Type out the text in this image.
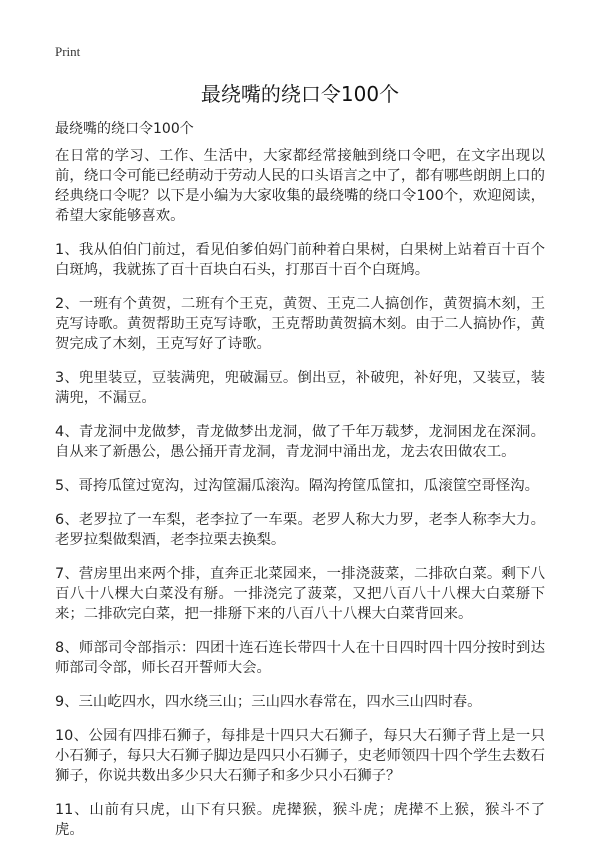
Print
最绕嘴的绕口令100个
最绕嘴的绕口令100个

在日常的学习、工作、生活中，大家都经常接触到绕口令吧，在文字出现以前，绕口令可能已经萌动于劳动人民的口头语言之中了，都有哪些朗朗上口的经典绕口令呢？以下是小编为大家收集的最绕嘴的绕口令100个，欢迎阅读，希望大家能够喜欢。

1、我从伯伯门前过，看见伯爹伯妈门前种着白果树，白果树上站着百十百个白斑鸠，我就拣了百十百块白石头，打那百十百个白斑鸠。

2、一班有个黄贺，二班有个王克，黄贺、王克二人搞创作，黄贺搞木刻，王克写诗歌。黄贺帮助王克写诗歌，王克帮助黄贺搞木刻。由于二人搞协作，黄贺完成了木刻，王克写好了诗歌。

3、兜里装豆，豆装满兜，兜破漏豆。倒出豆，补破兜，补好兜，又装豆，装满兜，不漏豆。

4、青龙洞中龙做梦，青龙做梦出龙洞，做了千年万载梦，龙洞困龙在深洞。自从来了新愚公，愚公捅开青龙洞，青龙洞中涌出龙，龙去农田做农工。

5、哥挎瓜筐过宽沟，过沟筐漏瓜滚沟。隔沟挎筐瓜筐扣，瓜滚筐空哥怪沟。

6、老罗拉了一车梨，老李拉了一车栗。老罗人称大力罗，老李人称李大力。老罗拉梨做梨酒，老李拉栗去换梨。

7、营房里出来两个排，直奔正北菜园来，一排浇菠菜，二排砍白菜。剩下八百八十八棵大白菜没有掰。一排浇完了菠菜，又把八百八十八棵大白菜掰下来；二排砍完白菜，把一排掰下来的八百八十八棵大白菜背回来。

8、师部司令部指示：四团十连石连长带四十人在十日四时四十四分按时到达师部司令部，师长召开誓师大会。

9、三山屹四水，四水绕三山；三山四水春常在，四水三山四时春。

10、公园有四排石狮子，每排是十四只大石狮子，每只大石狮子背上是一只小石狮子，每只大石狮子脚边是四只小石狮子，史老师领四十四个学生去数石狮子，你说共数出多少只大石狮子和多少只小石狮子？

11、山前有只虎，山下有只猴。虎撵猴，猴斗虎；虎撵不上猴，猴斗不了虎。
